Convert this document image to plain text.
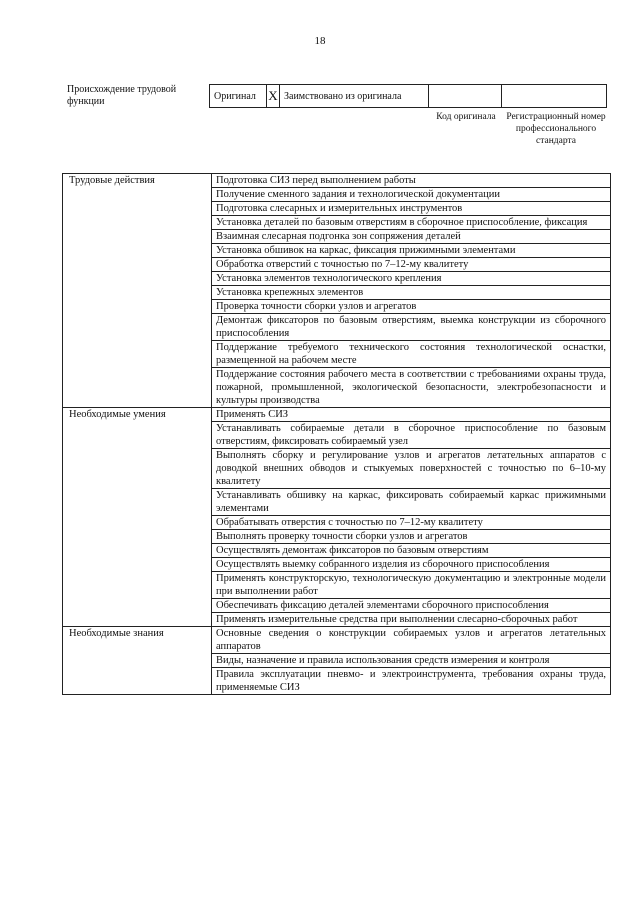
18
Происхождение трудовой функции	Оригинал	X	Заимствовано из оригинала		
Код оригинала	Регистрационный номер профессионального стандарта
Трудовые действия	Подготовка СИЗ перед выполнением работы
	Получение сменного задания и технологической документации
	Подготовка слесарных и измерительных инструментов
	Установка деталей по базовым отверстиям в сборочное приспособление, фиксация
	Взаимная слесарная подгонка зон сопряжения деталей
	Установка обшивок на каркас, фиксация прижимными элементами
	Обработка отверстий с точностью по 7–12-му квалитету
	Установка элементов технологического крепления
	Установка крепежных элементов
	Проверка точности сборки узлов и агрегатов
	Демонтаж фиксаторов по базовым отверстиям, выемка конструкции из сборочного приспособления
	Поддержание требуемого технического состояния технологической оснастки, размещенной на рабочем месте
	Поддержание состояния рабочего места в соответствии с требованиями охраны труда, пожарной, промышленной, экологической безопасности, электробезопасности и культуры производства
Необходимые умения	Применять СИЗ
	Устанавливать собираемые детали в сборочное приспособление по базовым отверстиям, фиксировать собираемый узел
	Выполнять сборку и регулирование узлов и агрегатов летательных аппаратов с доводкой внешних обводов и стыкуемых поверхностей с точностью по 6–10-му квалитету
	Устанавливать обшивку на каркас, фиксировать собираемый каркас прижимными элементами
	Обрабатывать отверстия с точностью по 7–12-му квалитету
	Выполнять проверку точности сборки узлов и агрегатов
	Осуществлять демонтаж фиксаторов по базовым отверстиям
	Осуществлять выемку собранного изделия из сборочного приспособления
	Применять конструкторскую, технологическую документацию и электронные модели при выполнении работ
	Обеспечивать фиксацию деталей элементами сборочного приспособления
	Применять измерительные средства при выполнении слесарно-сборочных работ
Необходимые знания	Основные сведения о конструкции собираемых узлов и агрегатов летательных аппаратов
	Виды, назначение и правила использования средств измерения и контроля
	Правила эксплуатации пневмо- и электроинструмента, требования охраны труда, применяемые СИЗ
